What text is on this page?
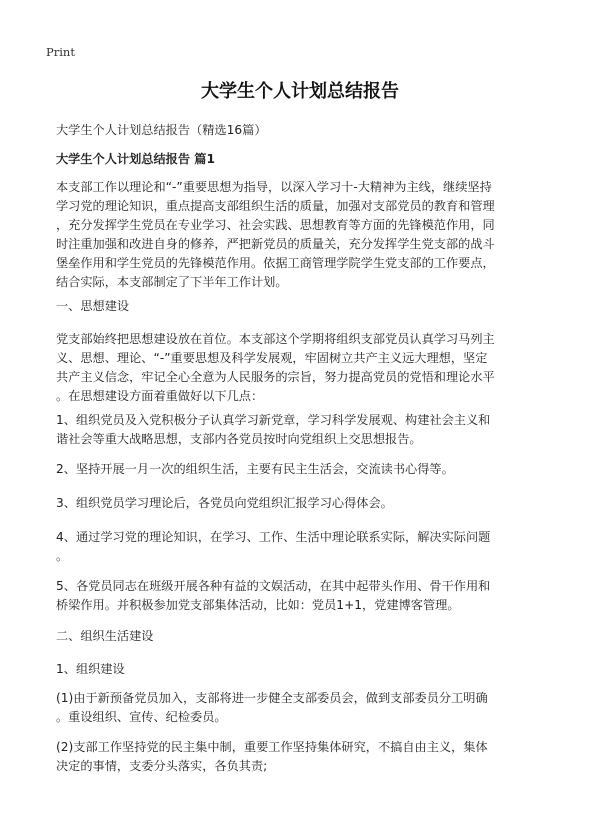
Print
大学生个人计划总结报告
大学生个人计划总结报告（精选16篇）
大学生个人计划总结报告 篇1
本支部工作以理论和“-”重要思想为指导，以深入学习十-大精神为主线，继续坚持
学习党的理论知识，重点提高支部组织生活的质量，加强对支部党员的教育和管理
，充分发挥学生党员在专业学习、社会实践、思想教育等方面的先锋模范作用，同
时注重加强和改进自身的修养，严把新党员的质量关，充分发挥学生党支部的战斗
堡垒作用和学生党员的先锋模范作用。依据工商管理学院学生党支部的工作要点，
结合实际，本支部制定了下半年工作计划。
一、思想建设
党支部始终把思想建设放在首位。本支部这个学期将组织支部党员认真学习马列主
义、思想、理论、“-”重要思想及科学发展观，牢固树立共产主义远大理想，坚定
共产主义信念，牢记全心全意为人民服务的宗旨，努力提高党员的党悟和理论水平
。在思想建设方面着重做好以下几点：
1、组织党员及入党积极分子认真学习新党章，学习科学发展观、构建社会主义和
谐社会等重大战略思想，支部内各党员按时向党组织上交思想报告。
2、坚持开展一月一次的组织生活，主要有民主生活会，交流读书心得等。
3、组织党员学习理论后，各党员向党组织汇报学习心得体会。
4、通过学习党的理论知识，在学习、工作、生活中理论联系实际，解决实际问题
。
5、各党员同志在班级开展各种有益的文娱活动，在其中起带头作用、骨干作用和
桥梁作用。并积极参加党支部集体活动，比如：党员1+1，党建博客管理。
二、组织生活建设
1、组织建设
(1)由于新预备党员加入，支部将进一步健全支部委员会，做到支部委员分工明确
。重设组织、宣传、纪检委员。
(2)支部工作坚持党的民主集中制，重要工作坚持集体研究，不搞自由主义，集体
决定的事情，支委分头落实，各负其责;
